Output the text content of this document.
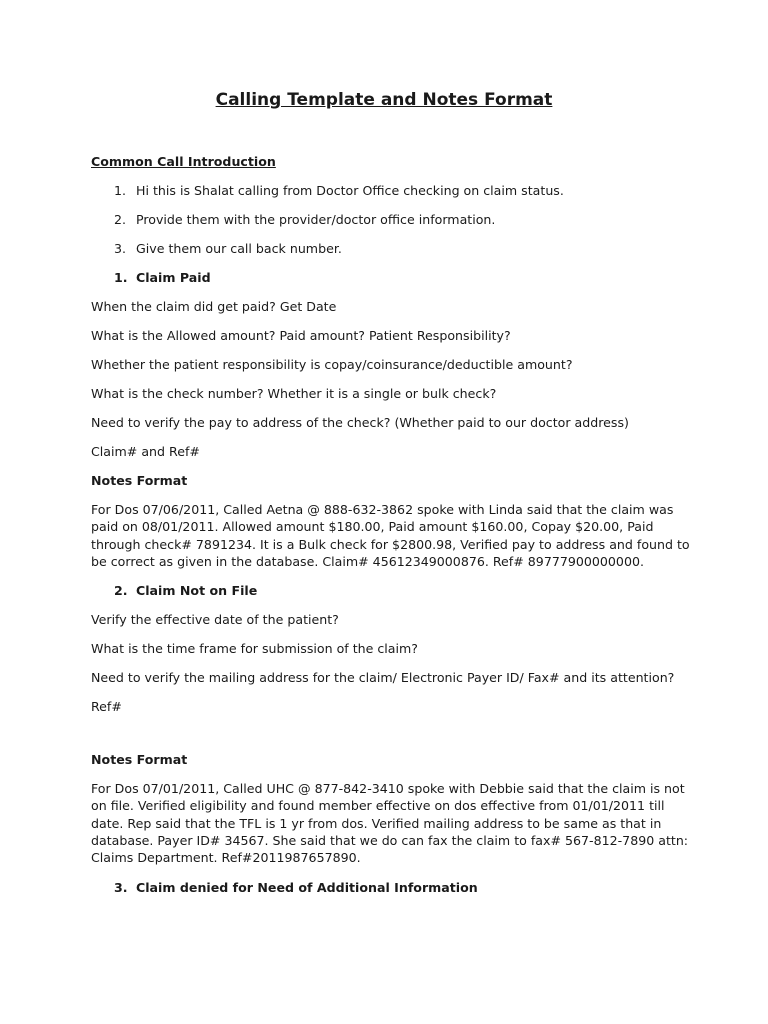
Calling Template and Notes Format
Common Call Introduction
1. Hi this is Shalat calling from Doctor Office checking on claim status.
2. Provide them with the provider/doctor office information.
3. Give them our call back number.
1. Claim Paid

When the claim did get paid? Get Date

What is the Allowed amount? Paid amount? Patient Responsibility?

Whether the patient responsibility is copay/coinsurance/deductible amount?

What is the check number? Whether it is a single or bulk check?

Need to verify the pay to address of the check? (Whether paid to our doctor address)

Claim# and Ref#

Notes Format
For Dos 07/06/2011, Called Aetna @ 888-632-3862 spoke with Linda said that the claim was paid on 08/01/2011. Allowed amount $180.00, Paid amount $160.00, Copay $20.00, Paid through check# 7891234. It is a Bulk check for $2800.98, Verified pay to address and found to be correct as given in the database. Claim# 45612349000876. Ref# 89777900000000.
2. Claim Not on File

Verify the effective date of the patient?

What is the time frame for submission of the claim?

Need to verify the mailing address for the claim/ Electronic Payer ID/ Fax# and its attention?

Ref#

Notes Format
For Dos 07/01/2011, Called UHC @ 877-842-3410 spoke with Debbie said that the claim is not on file. Verified eligibility and found member effective on dos effective from 01/01/2011 till date. Rep said that the TFL is 1 yr from dos. Verified mailing address to be same as that in database. Payer ID# 34567. She said that we do can fax the claim to fax# 567-812-7890 attn: Claims Department. Ref#2011987657890.
3. Claim denied for Need of Additional Information
